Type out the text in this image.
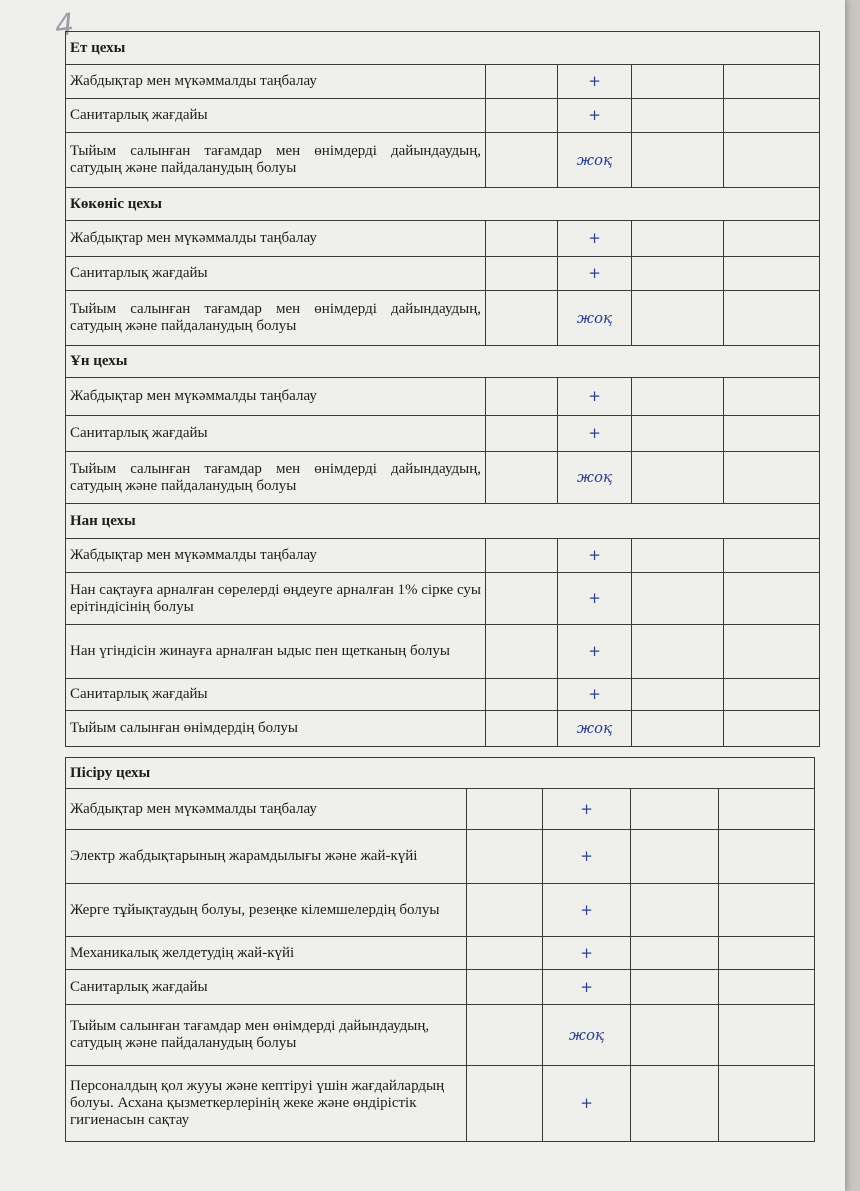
4
Ет цехы				
Жабдықтар мен мүкәммалды таңбалау		+		
Санитарлық жағдайы		+		
Тыйым салынған тағамдар мен өнімдерді дайындаудың, сатудың және пайдаланудың болуы		жоқ		
Көкөніс цехы				
Жабдықтар мен мүкәммалды таңбалау		+		
Санитарлық жағдайы		+		
Тыйым салынған тағамдар мен өнімдерді дайындаудың, сатудың және пайдаланудың болуы		жоқ		
Ұн цехы				
Жабдықтар мен мүкәммалды таңбалау		+		
Санитарлық жағдайы		+		
Тыйым салынған тағамдар мен өнімдерді дайындаудың, сатудың және пайдаланудың болуы		жоқ		
Нан цехы				
Жабдықтар мен мүкәммалды таңбалау		+		
Нан сақтауға арналған сөрелерді өңдеуге арналған 1% сірке суы ерітіндісінің болуы		+		
Нан үгіндісін жинауға арналған ыдыс пен щетканың болуы		+		
Санитарлық жағдайы		+		
Тыйым салынған өнімдердің болуы		жоқ		
Пісіру цехы				
Жабдықтар мен мүкәммалды таңбалау		+		
Электр жабдықтарының жарамдылығы және жай-күйі		+		
Жерге тұйықтаудың болуы, резеңке кілемшелердің болуы		+		
Механикалық желдетудің жай-күйі		+		
Санитарлық жағдайы		+		
Тыйым салынған тағамдар мен өнімдерді дайындаудың, сатудың және пайдаланудың болуы		жоқ		
Персоналдың қол жууы және кептіруі үшін жағдайлардың болуы. Асхана қызметкерлерінің жеке және өндірістік гигиенасын сақтау		+		
